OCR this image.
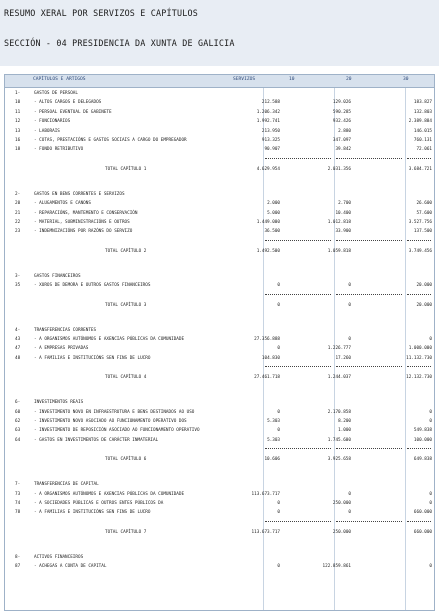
RESUMO XERAL POR SERVIZOS E CAPÍTULOS
SECCIÓN - 04 PRESIDENCIA DA XUNTA DE GALICIA
CAPÍTULOS E ARTIGOS	SERVIZOS	10	20	30
1-	GASTOS DE PERSOAL
10	- ALTOS CARGOS E DELEGADOS	212.588	129.026	183.827
11	- PERSOAL EVENTUAL DE GABINETE	1.206.342	590.285	132.803
12	- FUNCIONARIOS	1.992.741	932.426	2.389.884
13	- LABORAIS	213.950	2.880	146.015
16	- COTAS, PRESTACIÓNS E GASTOS SOCIAIS A CARGO DO EMPREGADOR	913.325	347.097	760.131
18	- FONDO RETRIBUTIVO	90.907	39.842	72.061
TOTAL CAPÍTULO 1	4.629.954	2.031.356	3.684.721
2-	GASTOS EN BENS CORRENTES E SERVIZOS
20	- ALUGAMENTOS E CANONS	2.000	2.700	26.600
21	- REPARACIÓNS, MANTEMENTO E CONSERVACIÓN	5.000	10.400	57.600
22	- MATERIAL, SUBMINISTRACIÓNS E OUTROS	1.449.000	1.012.818	3.527.756
23	- INDEMNIZACIÓNS POR RAZÓNS DO SERVIZO	36.500	33.900	137.500
TOTAL CAPÍTULO 2	1.492.500	1.059.818	3.749.456
3-	GASTOS FINANCEIROS
35	- XUROS DE DEMORA E OUTROS GASTOS FINANCEIROS	0	0	20.000
TOTAL CAPÍTULO 3	0	0	20.000
4-	TRANSFERENCIAS CORRENTES
43	- A ORGANISMOS AUTÓNOMOS E AXENCIAS PÚBLICAS DA COMUNIDADE	27.356.888	0	0
47	- A EMPRESAS PRIVADAS	0	1.226.777	1.000.000
48	- A FAMILIAS E INSTITUCIÓNS SEN FINS DE LUCRO	104.830	17.260	11.132.730
TOTAL CAPÍTULO 4	27.461.718	1.244.037	12.132.730
6-	INVESTIMENTOS REAIS
60	- INVESTIMENTO NOVO EN INFRAESTRUTURA E BENS DESTINADOS AO USO	0	2.170.858	0
62	- INVESTIMENTO NOVO ASOCIADO AO FUNCIONAMENTO OPERATIVO DOS	5.303	8.200	0
63	- INVESTIMENTO DE REPOSICIÓN ASOCIADO AO FUNCIONAMENTO OPERATIVO	0	1.000	549.838
64	- GASTOS EN INVESTIMENTOS DE CARÁCTER INMATERIAL	5.303	1.745.600	100.000
TOTAL CAPÍTULO 6	10.606	3.925.658	649.838
7-	TRANSFERENCIAS DE CAPITAL
73	- A ORGANISMOS AUTÓNOMOS E AXENCIAS PÚBLICAS DA COMUNIDADE	113.673.717	0	0
74	- A SOCIEDADES PÚBLICAS E OUTROS ENTES PÚBLICOS DA	0	250.000	0
78	- A FAMILIAS E INSTITUCIÓNS SEN FINS DE LUCRO	0	0	660.000
TOTAL CAPÍTULO 7	113.673.717	250.000	660.000
8-	ACTIVOS FINANCEIROS
87	- ACHEGAS A CONTA DE CAPITAL	0	122.859.861	0
